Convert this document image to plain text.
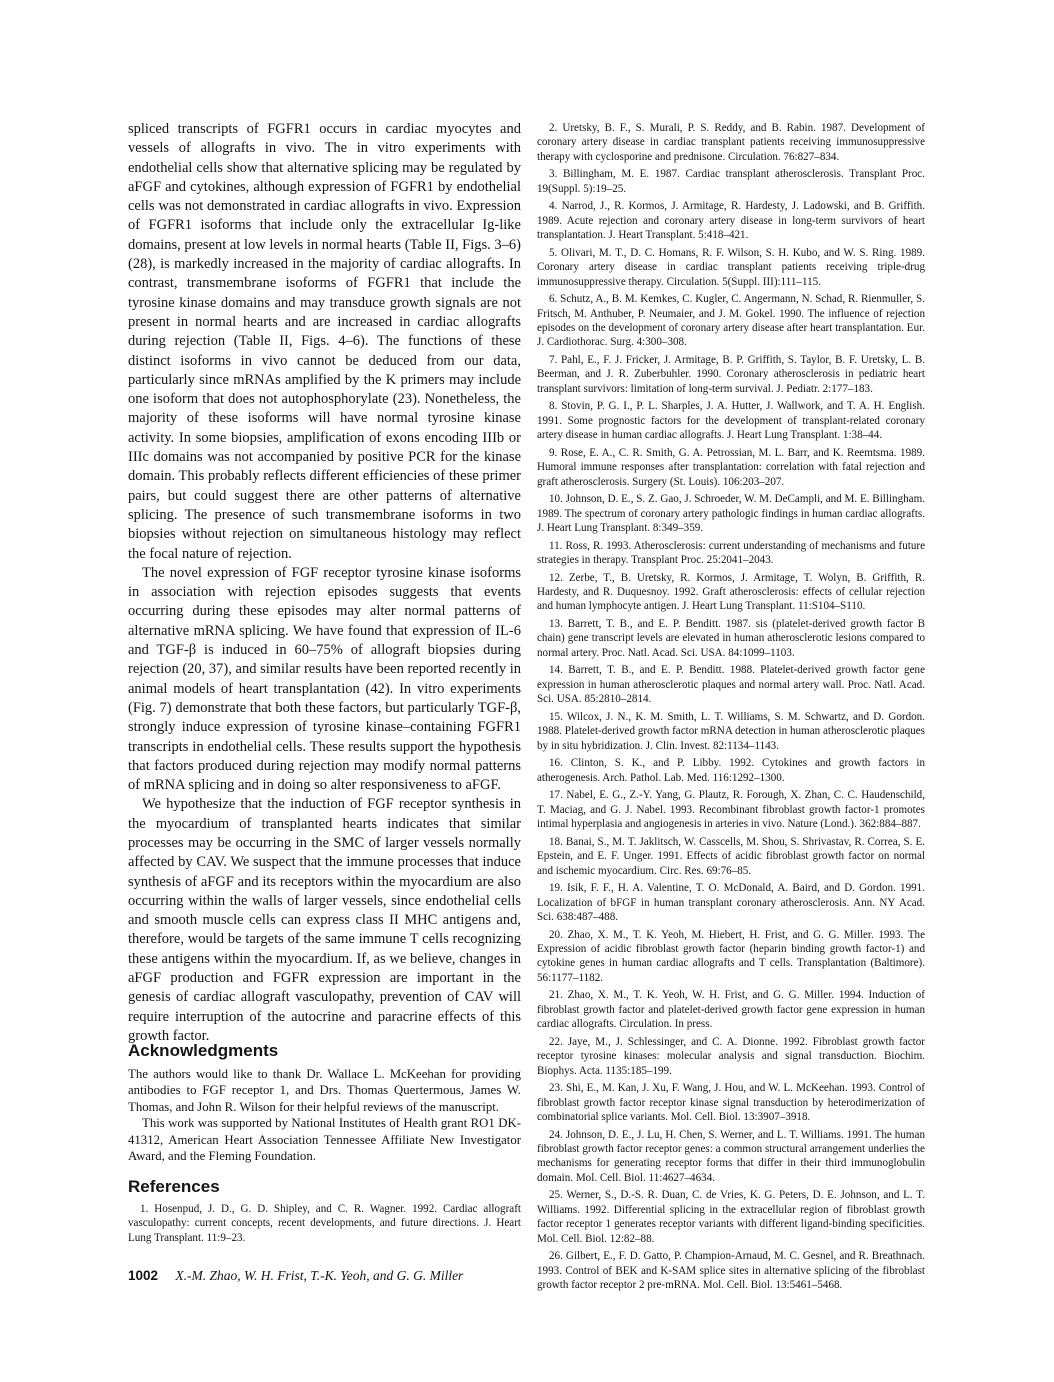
spliced transcripts of FGFR1 occurs in cardiac myocytes and vessels of allografts in vivo. The in vitro experiments with endothelial cells show that alternative splicing may be regulated by aFGF and cytokines, although expression of FGFR1 by endothelial cells was not demonstrated in cardiac allografts in vivo. Expression of FGFR1 isoforms that include only the extracellular Ig-like domains, present at low levels in normal hearts (Table II, Figs. 3–6) (28), is markedly increased in the majority of cardiac allografts. In contrast, transmembrane isoforms of FGFR1 that include the tyrosine kinase domains and may transduce growth signals are not present in normal hearts and are increased in cardiac allografts during rejection (Table II, Figs. 4–6). The functions of these distinct isoforms in vivo cannot be deduced from our data, particularly since mRNAs amplified by the K primers may include one isoform that does not autophosphorylate (23). Nonetheless, the majority of these isoforms will have normal tyrosine kinase activity. In some biopsies, amplification of exons encoding IIIb or IIIc domains was not accompanied by positive PCR for the kinase domain. This probably reflects different efficiencies of these primer pairs, but could suggest there are other patterns of alternative splicing. The presence of such transmembrane isoforms in two biopsies without rejection on simultaneous histology may reflect the focal nature of rejection.

The novel expression of FGF receptor tyrosine kinase isoforms in association with rejection episodes suggests that events occurring during these episodes may alter normal patterns of alternative mRNA splicing. We have found that expression of IL-6 and TGF-β is induced in 60–75% of allograft biopsies during rejection (20, 37), and similar results have been reported recently in animal models of heart transplantation (42). In vitro experiments (Fig. 7) demonstrate that both these factors, but particularly TGF-β, strongly induce expression of tyrosine kinase–containing FGFR1 transcripts in endothelial cells. These results support the hypothesis that factors produced during rejection may modify normal patterns of mRNA splicing and in doing so alter responsiveness to aFGF.

We hypothesize that the induction of FGF receptor synthesis in the myocardium of transplanted hearts indicates that similar processes may be occurring in the SMC of larger vessels normally affected by CAV. We suspect that the immune processes that induce synthesis of aFGF and its receptors within the myocardium are also occurring within the walls of larger vessels, since endothelial cells and smooth muscle cells can express class II MHC antigens and, therefore, would be targets of the same immune T cells recognizing these antigens within the myocardium. If, as we believe, changes in aFGF production and FGFR expression are important in the genesis of cardiac allograft vasculopathy, prevention of CAV will require interruption of the autocrine and paracrine effects of this growth factor.

Acknowledgments

The authors would like to thank Dr. Wallace L. McKeehan for providing antibodies to FGF receptor 1, and Drs. Thomas Quertermous, James W. Thomas, and John R. Wilson for their helpful reviews of the manuscript.

This work was supported by National Institutes of Health grant RO1 DK-41312, American Heart Association Tennessee Affiliate New Investigator Award, and the Fleming Foundation.

References

1. Hosenpud, J. D., G. D. Shipley, and C. R. Wagner. 1992. Cardiac allograft vasculopathy: current concepts, recent developments, and future directions. J. Heart Lung Transplant. 11:9–23.

2. Uretsky, B. F., S. Murali, P. S. Reddy, and B. Rabin. 1987. Development of coronary artery disease in cardiac transplant patients receiving immunosuppressive therapy with cyclosporine and prednisone. Circulation. 76:827–834.

3. Billingham, M. E. 1987. Cardiac transplant atherosclerosis. Transplant Proc. 19(Suppl. 5):19–25.

4. Narrod, J., R. Kormos, J. Armitage, R. Hardesty, J. Ladowski, and B. Griffith. 1989. Acute rejection and coronary artery disease in long-term survivors of heart transplantation. J. Heart Transplant. 5:418–421.

5. Olivari, M. T., D. C. Homans, R. F. Wilson, S. H. Kubo, and W. S. Ring. 1989. Coronary artery disease in cardiac transplant patients receiving triple-drug immunosuppressive therapy. Circulation. 5(Suppl. III):111–115.

6. Schutz, A., B. M. Kemkes, C. Kugler, C. Angermann, N. Schad, R. Rienmuller, S. Fritsch, M. Anthuber, P. Neumaier, and J. M. Gokel. 1990. The influence of rejection episodes on the development of coronary artery disease after heart transplantation. Eur. J. Cardiothorac. Surg. 4:300–308.

7. Pahl, E., F. J. Fricker, J. Armitage, B. P. Griffith, S. Taylor, B. F. Uretsky, L. B. Beerman, and J. R. Zuberbuhler. 1990. Coronary atherosclerosis in pediatric heart transplant survivors: limitation of long-term survival. J. Pediatr. 2:177–183.

8. Stovin, P. G. I., P. L. Sharples, J. A. Hutter, J. Wallwork, and T. A. H. English. 1991. Some prognostic factors for the development of transplant-related coronary artery disease in human cardiac allografts. J. Heart Lung Transplant. 1:38–44.

9. Rose, E. A., C. R. Smith, G. A. Petrossian, M. L. Barr, and K. Reemtsma. 1989. Humoral immune responses after transplantation: correlation with fatal rejection and graft atherosclerosis. Surgery (St. Louis). 106:203–207.

10. Johnson, D. E., S. Z. Gao, J. Schroeder, W. M. DeCampli, and M. E. Billingham. 1989. The spectrum of coronary artery pathologic findings in human cardiac allografts. J. Heart Lung Transplant. 8:349–359.

11. Ross, R. 1993. Atherosclerosis: current understanding of mechanisms and future strategies in therapy. Transplant Proc. 25:2041–2043.

12. Zerbe, T., B. Uretsky, R. Kormos, J. Armitage, T. Wolyn, B. Griffith, R. Hardesty, and R. Duquesnoy. 1992. Graft atherosclerosis: effects of cellular rejection and human lymphocyte antigen. J. Heart Lung Transplant. 11:S104–S110.

13. Barrett, T. B., and E. P. Benditt. 1987. sis (platelet-derived growth factor B chain) gene transcript levels are elevated in human atherosclerotic lesions compared to normal artery. Proc. Natl. Acad. Sci. USA. 84:1099–1103.

14. Barrett, T. B., and E. P. Benditt. 1988. Platelet-derived growth factor gene expression in human atherosclerotic plaques and normal artery wall. Proc. Natl. Acad. Sci. USA. 85:2810–2814.

15. Wilcox, J. N., K. M. Smith, L. T. Williams, S. M. Schwartz, and D. Gordon. 1988. Platelet-derived growth factor mRNA detection in human atherosclerotic plaques by in situ hybridization. J. Clin. Invest. 82:1134–1143.

16. Clinton, S. K., and P. Libby. 1992. Cytokines and growth factors in atherogenesis. Arch. Pathol. Lab. Med. 116:1292–1300.

17. Nabel, E. G., Z.-Y. Yang, G. Plautz, R. Forough, X. Zhan, C. C. Haudenschild, T. Maciag, and G. J. Nabel. 1993. Recombinant fibroblast growth factor-1 promotes intimal hyperplasia and angiogenesis in arteries in vivo. Nature (Lond.). 362:884–887.

18. Banai, S., M. T. Jaklitsch, W. Casscells, M. Shou, S. Shrivastav, R. Correa, S. E. Epstein, and E. F. Unger. 1991. Effects of acidic fibroblast growth factor on normal and ischemic myocardium. Circ. Res. 69:76–85.

19. Isik, F. F., H. A. Valentine, T. O. McDonald, A. Baird, and D. Gordon. 1991. Localization of bFGF in human transplant coronary atherosclerosis. Ann. NY Acad. Sci. 638:487–488.

20. Zhao, X. M., T. K. Yeoh, M. Hiebert, H. Frist, and G. G. Miller. 1993. The Expression of acidic fibroblast growth factor (heparin binding growth factor-1) and cytokine genes in human cardiac allografts and T cells. Transplantation (Baltimore). 56:1177–1182.

21. Zhao, X. M., T. K. Yeoh, W. H. Frist, and G. G. Miller. 1994. Induction of fibroblast growth factor and platelet-derived growth factor gene expression in human cardiac allografts. Circulation. In press.

22. Jaye, M., J. Schlessinger, and C. A. Dionne. 1992. Fibroblast growth factor receptor tyrosine kinases: molecular analysis and signal transduction. Biochim. Biophys. Acta. 1135:185–199.

23. Shi, E., M. Kan, J. Xu, F. Wang, J. Hou, and W. L. McKeehan. 1993. Control of fibroblast growth factor receptor kinase signal transduction by heterodimerization of combinatorial splice variants. Mol. Cell. Biol. 13:3907–3918.

24. Johnson, D. E., J. Lu, H. Chen, S. Werner, and L. T. Williams. 1991. The human fibroblast growth factor receptor genes: a common structural arrangement underlies the mechanisms for generating receptor forms that differ in their third immunoglobulin domain. Mol. Cell. Biol. 11:4627–4634.

25. Werner, S., D.-S. R. Duan, C. de Vries, K. G. Peters, D. E. Johnson, and L. T. Williams. 1992. Differential splicing in the extracellular region of fibroblast growth factor receptor 1 generates receptor variants with different ligand-binding specificities. Mol. Cell. Biol. 12:82–88.

26. Gilbert, E., F. D. Gatto, P. Champion-Arnaud, M. C. Gesnel, and R. Breathnach. 1993. Control of BEK and K-SAM splice sites in alternative splicing of the fibroblast growth factor receptor 2 pre-mRNA. Mol. Cell. Biol. 13:5461–5468.

1002 X.-M. Zhao, W. H. Frist, T.-K. Yeoh, and G. G. Miller
